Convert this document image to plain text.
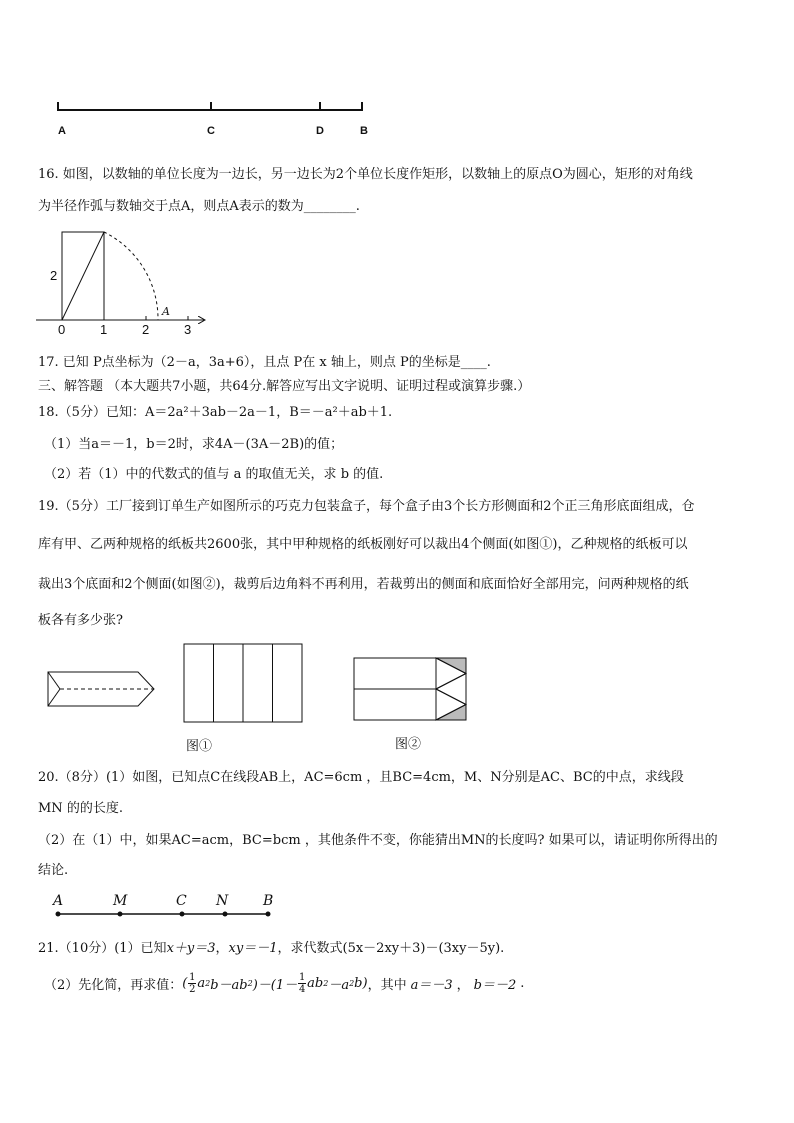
A	C	D	B
16. 如图，以数轴的单位长度为一边长，另一边长为2个单位长度作矩形，以数轴上的原点O为圆心，矩形的对角线
为半径作弧与数轴交于点A，则点A表示的数为________.
2
0	1	2	3
A
17. 已知 P点坐标为（2－a，3a+6），且点 P在 x 轴上，则点 P的坐标是____.
三、解答题 （本大题共7小题，共64分.解答应写出文字说明、证明过程或演算步骤.）
18.（5分）已知：A＝2a²＋3ab－2a－1，B＝－a²＋ab＋1.
（1）当a＝－1，b＝2时，求4A－(3A－2B)的值；
（2）若（1）中的代数式的值与 a 的取值无关，求 b 的值.
19.（5分）工厂接到订单生产如图所示的巧克力包装盒子，每个盒子由3个长方形侧面和2个正三角形底面组成，仓
库有甲、乙两种规格的纸板共2600张，其中甲种规格的纸板刚好可以裁出4个侧面(如图①)，乙种规格的纸板可以
裁出3个底面和2个侧面(如图②)，裁剪后边角料不再利用，若裁剪出的侧面和底面恰好全部用完，问两种规格的纸
板各有多少张?
图①	图②
20.（8分）(1）如图，已知点C在线段AB上，AC=6cm ，且BC=4cm，M、N分别是AC、BC的中点，求线段
MN 的的长度.
（2）在（1）中，如果AC=acm，BC=bcm ，其他条件不变，你能猜出MN的长度吗? 如果可以，请证明你所得出的
结论.
A	M	C N B
21.（10分）(1）已知x＋y＝3，xy＝－1，求代数式(5x－2xy＋3)－(3xy－5y).
（2）先化简，再求值： ( 1
2 a 2 b－ab 2 )－(1－
1
4 ab 2 －a 2 b) ，其中 a＝－3 ， b＝－2 .
